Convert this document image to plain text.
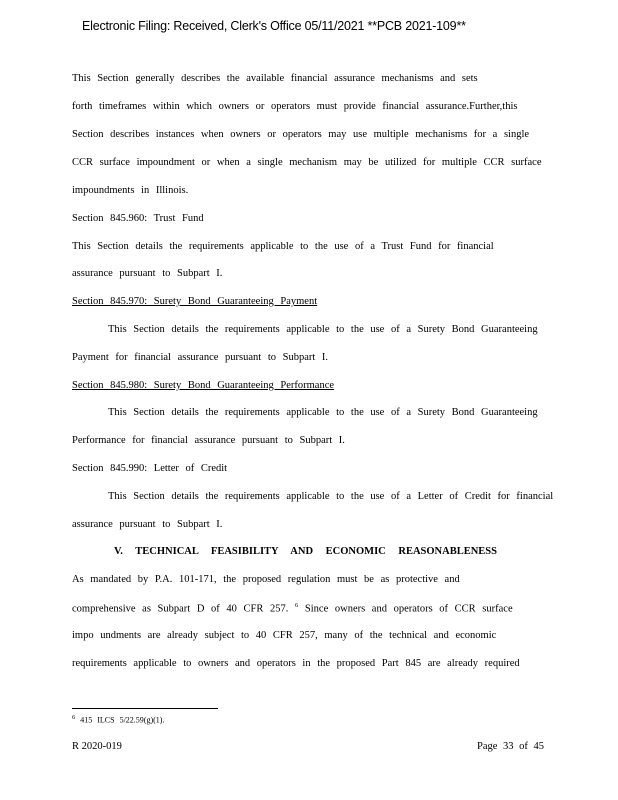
Electronic Filing: Received, Clerk's Office 05/11/2021 **PCB 2021-109**
This Section generally describes the available financial assurance mechanisms and sets
forth timeframes within which owners or operators must provide financial assurance.Further,this
Section describes instances when owners or operators may use multiple mechanisms for a single
CCR surface impoundment or when a single mechanism may be utilized for multiple CCR surface
impoundments in Illinois.
Section 845.960: Trust Fund
This Section details the requirements applicable to the use of a Trust Fund for financial
assurance pursuant to Subpart I.
Section 845.970: Surety Bond Guaranteeing Payment
This Section details the requirements applicable to the use of a Surety Bond Guaranteeing
Payment for financial assurance pursuant to Subpart I.
Section 845.980: Surety Bond Guaranteeing Performance
This Section details the requirements applicable to the use of a Surety Bond Guaranteeing
Performance for financial assurance pursuant to Subpart I.
Section 845.990: Letter of Credit
This Section details the requirements applicable to the use of a Letter of Credit for financial
assurance pursuant to Subpart I.
V. TECHNICAL FEASIBILITY AND ECONOMIC REASONABLENESS
As mandated by P.A. 101-171, the proposed regulation must be as protective and
comprehensive as Subpart D of 40 CFR 257. $^6$ Since owners and operators of CCR surface
impo undments are already subject to 40 CFR 257, many of the technical and economic
requirements applicable to owners and operators in the proposed Part 845 are already required
$^6$ 415 ILCS 5/22.59(g)(1).
R 2020-019	Page 33 of 45
